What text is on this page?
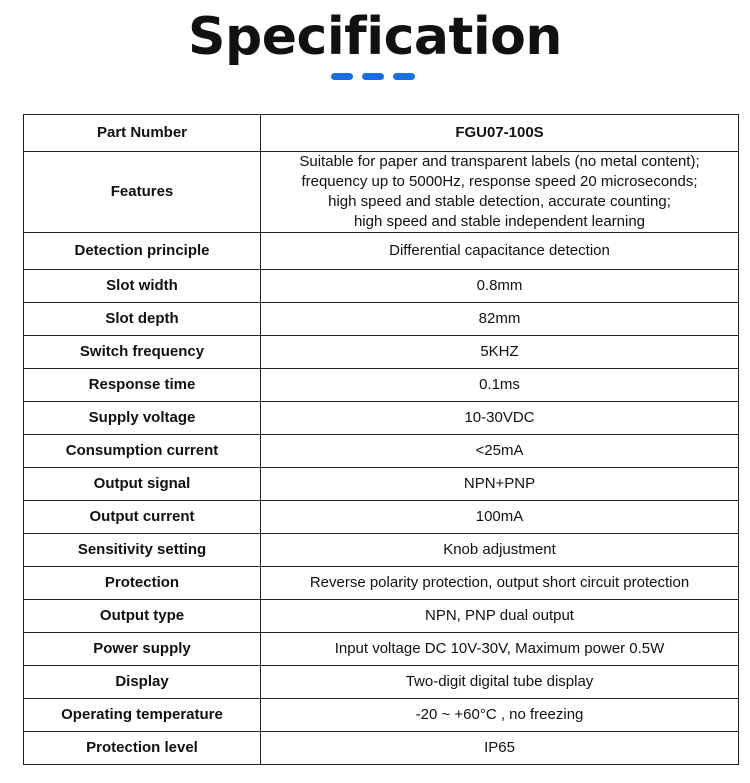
Specification
Part Number	FGU07-100S
Features	Suitable for paper and transparent labels (no metal content);
frequency up to 5000Hz, response speed 20 microseconds;
high speed and stable detection, accurate counting;
high speed and stable independent learning

Detection principle	Differential capacitance detection
Slot width	0.8mm
Slot depth	82mm
Switch frequency	5KHZ
Response time	0.1ms
Supply voltage	10-30VDC
Consumption current	<25mA
Output signal	NPN+PNP
Output current	100mA
Sensitivity setting	Knob adjustment
Protection	Reverse polarity protection, output short circuit protection
Output type	NPN, PNP dual output
Power supply	Input voltage DC 10V-30V, Maximum power 0.5W
Display	Two-digit digital tube display
Operating temperature	-20 ~ +60°C , no freezing
Protection level	IP65
